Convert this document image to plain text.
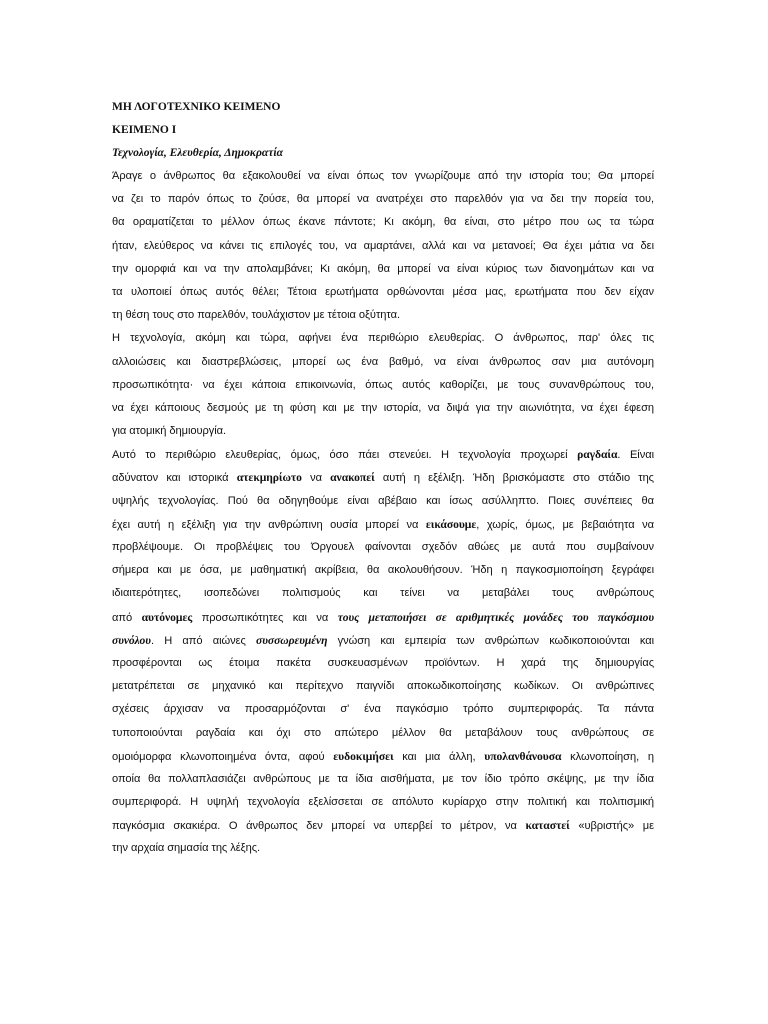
ΜΗ ΛΟΓΟΤΕΧΝΙΚΟ ΚΕΙΜΕΝΟ
ΚΕΙΜΕΝΟ Ι
Τεχνολογία, Ελευθερία, Δημοκρατία
Άραγε ο άνθρωπος θα εξακολουθεί να είναι όπως τον γνωρίζουμε από την ιστορία του; Θα μπορεί
να ζει το παρόν όπως το ζούσε, θα μπορεί να ανατρέχει στο παρελθόν για να δει την πορεία του,
θα οραματίζεται το μέλλον όπως έκανε πάντοτε; Κι ακόμη, θα είναι, στο μέτρο που ως τα τώρα
ήταν, ελεύθερος να κάνει τις επιλογές του, να αμαρτάνει, αλλά και να μετανοεί; Θα έχει μάτια να δει
την ομορφιά και να την απολαμβάνει; Κι ακόμη, θα μπορεί να είναι κύριος των διανοημάτων και να
τα υλοποιεί όπως αυτός θέλει; Τέτοια ερωτήματα ορθώνονται μέσα μας, ερωτήματα που δεν είχαν
τη θέση τους στο παρελθόν, τουλάχιστον με τέτοια οξύτητα.
Η τεχνολογία, ακόμη και τώρα, αφήνει ένα περιθώριο ελευθερίας. Ο άνθρωπος, παρ' όλες τις
αλλοιώσεις και διαστρεβλώσεις, μπορεί ως ένα βαθμό, να είναι άνθρωπος σαν μια αυτόνομη
προσωπικότητα· να έχει κάποια επικοινωνία, όπως αυτός καθορίζει, με τους συνανθρώπους του,
να έχει κάποιους δεσμούς με τη φύση και με την ιστορία, να διψά για την αιωνιότητα, να έχει έφεση
για ατομική δημιουργία.
Αυτό το περιθώριο ελευθερίας, όμως, όσο πάει στενεύει. Η τεχνολογία προχωρεί ραγδαία. Είναι
αδύνατον και ιστορικά ατεκμηρίωτο να ανακοπεί αυτή η εξέλιξη. Ήδη βρισκόμαστε στο στάδιο της
υψηλής τεχνολογίας. Πού θα οδηγηθούμε είναι αβέβαιο και ίσως ασύλληπτο. Ποιες συνέπειες θα
έχει αυτή η εξέλιξη για την ανθρώπινη ουσία μπορεί να εικάσουμε, χωρίς, όμως, με βεβαιότητα να
προβλέψουμε. Οι προβλέψεις του Όργουελ φαίνονται σχεδόν αθώες με αυτά που συμβαίνουν
σήμερα και με όσα, με μαθηματική ακρίβεια, θα ακολουθήσουν. Ήδη η παγκοσμιοποίηση ξεγράφει
ιδιαιτερότητες, ισοπεδώνει πολιτισμούς και τείνει να μεταβάλει τους ανθρώπους
από αυτόνομες προσωπικότητες και να τους μεταποιήσει σε αριθμητικές μονάδες του παγκόσμιου
συνόλου. Η από αιώνες συσσωρευμένη γνώση και εμπειρία των ανθρώπων κωδικοποιούνται και
προσφέρονται ως έτοιμα πακέτα συσκευασμένων προϊόντων. Η χαρά της δημιουργίας
μετατρέπεται σε μηχανικό και περίτεχνο παιγνίδι αποκωδικοποίησης κωδίκων. Οι ανθρώπινες
σχέσεις άρχισαν να προσαρμόζονται σ' ένα παγκόσμιο τρόπο συμπεριφοράς. Τα πάντα
τυποποιούνται ραγδαία και όχι στο απώτερο μέλλον θα μεταβάλουν τους ανθρώπους σε
ομοιόμορφα κλωνοποιημένα όντα, αφού ευδοκιμήσει και μια άλλη, υπολανθάνουσα κλωνοποίηση, η
οποία θα πολλαπλασιάζει ανθρώπους με τα ίδια αισθήματα, με τον ίδιο τρόπο σκέψης, με την ίδια
συμπεριφορά. Η υψηλή τεχνολογία εξελίσσεται σε απόλυτο κυρίαρχο στην πολιτική και πολιτισμική
παγκόσμια σκακιέρα. Ο άνθρωπος δεν μπορεί να υπερβεί το μέτρον, να καταστεί «υβριστής» με
την αρχαία σημασία της λέξης.
